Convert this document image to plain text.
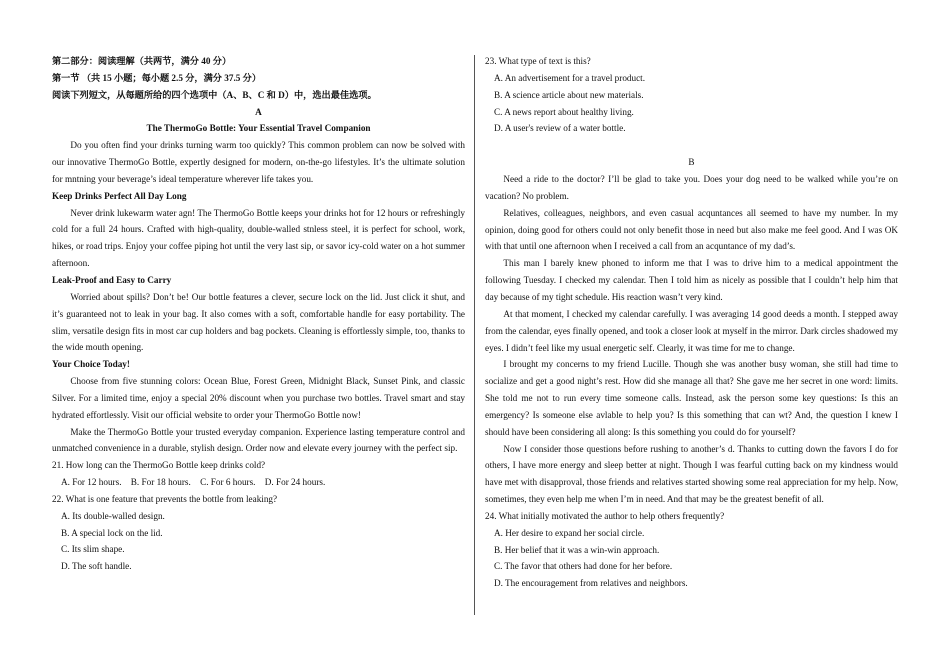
第二部分：阅读理解（共两节，满分 40 分）

第一节 （共 15 小题；每小题 2.5 分，满分 37.5 分）

阅读下列短文，从每题所给的四个选项中（A、B、C 和 D）中，选出最佳选项。

A

The ThermoGo Bottle: Your Essential Travel Companion

Do you often find your drinks turning warm too quickly? This common problem can now be solved with our innovative ThermoGo Bottle, expertly designed for modern, on-the-go lifestyles. It’s the ultimate solution for mntning your beverage’s ideal temperature wherever life takes you.

Keep Drinks Perfect All Day Long

Never drink lukewarm water agn! The ThermoGo Bottle keeps your drinks hot for 12 hours or refreshingly cold for a full 24 hours. Crafted with high-quality, double-walled stnless steel, it is perfect for school, work, hikes, or road trips. Enjoy your coffee piping hot until the very last sip, or savor icy-cold water on a hot summer afternoon.

Leak-Proof and Easy to Carry

Worried about spills? Don’t be! Our bottle features a clever, secure lock on the lid. Just click it shut, and it’s guaranteed not to leak in your bag. It also comes with a soft, comfortable handle for easy portability. The slim, versatile design fits in most car cup holders and bag pockets. Cleaning is effortlessly simple, too, thanks to the wide mouth opening.

Your Choice Today!

Choose from five stunning colors: Ocean Blue, Forest Green, Midnight Black, Sunset Pink, and classic Silver. For a limited time, enjoy a special 20% discount when you purchase two bottles. Travel smart and stay hydrated effortlessly. Visit our official website to order your ThermoGo Bottle now!

Make the ThermoGo Bottle your trusted everyday companion. Experience lasting temperature control and unmatched convenience in a durable, stylish design. Order now and elevate every journey with the perfect sip.

21. How long can the ThermoGo Bottle keep drinks cold?

A. For 12 hours. B. For 18 hours. C. For 6 hours. D. For 24 hours.

22. What is one feature that prevents the bottle from leaking?

A. Its double-walled design.

B. A special lock on the lid.

C. Its slim shape.

D. The soft handle.

23. What type of text is this?

A. An advertisement for a travel product.

B. A science article about new materials.

C. A news report about healthy living.

D. A user's review of a water bottle.

B

Need a ride to the doctor? I’ll be glad to take you. Does your dog need to be walked while you’re on vacation? No problem.

Relatives, colleagues, neighbors, and even casual acquntances all seemed to have my number. In my opinion, doing good for others could not only benefit those in need but also make me feel good. And I was OK with that until one afternoon when I received a call from an acquntance of my dad’s.

This man I barely knew phoned to inform me that I was to drive him to a medical appointment the following Tuesday. I checked my calendar. Then I told him as nicely as possible that I couldn’t help him that day because of my tight schedule. His reaction wasn’t very kind.

At that moment, I checked my calendar carefully. I was averaging 14 good deeds a month. I stepped away from the calendar, eyes finally opened, and took a closer look at myself in the mirror. Dark circles shadowed my eyes. I didn’t feel like my usual energetic self. Clearly, it was time for me to change.

I brought my concerns to my friend Lucille. Though she was another busy woman, she still had time to socialize and get a good night’s rest. How did she manage all that? She gave me her secret in one word: limits. She told me not to run every time someone calls. Instead, ask the person some key questions: Is this an emergency? Is someone else avlable to help you? Is this something that can wt? And, the question I knew I should have been considering all along: Is this something you could do for yourself?

Now I consider those questions before rushing to another’s d. Thanks to cutting down the favors I do for others, I have more energy and sleep better at night. Though I was fearful cutting back on my kindness would have met with disapproval, those friends and relatives started showing some real appreciation for my help. Now, sometimes, they even help me when I’m in need. And that may be the greatest benefit of all.

24. What initially motivated the author to help others frequently?

A. Her desire to expand her social circle.

B. Her belief that it was a win-win approach.

C. The favor that others had done for her before.

D. The encouragement from relatives and neighbors.
